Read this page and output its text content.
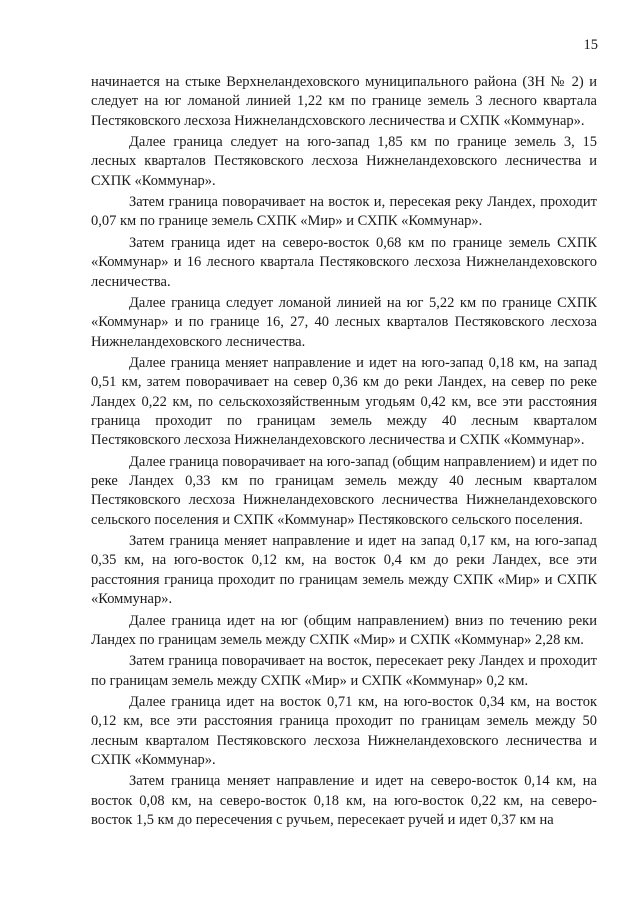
15

начинается на стыке Верхнеландеховского муниципального района (ЗН № 2) и следует на юг ломаной линией 1,22 км по границе земель 3 лесного квартала Пестяковского лесхоза Нижнеландсховского лесничества и СХПК «Коммунар».

Далее граница следует на юго-запад 1,85 км по границе земель 3, 15 лесных кварталов Пестяковского лесхоза Нижнеландеховского лесничества и СХПК «Коммунар».

Затем граница поворачивает на восток и, пересекая реку Ландех, проходит 0,07 км по границе земель СХПК «Мир» и СХПК «Коммунар».

Затем граница идет на северо-восток 0,68 км по границе земель СХПК «Коммунар» и 16 лесного квартала Пестяковского лесхоза Нижнеландеховского лесничества.

Далее граница следует ломаной линией на юг 5,22 км по границе СХПК «Коммунар» и по границе 16, 27, 40 лесных кварталов Пестяковского лесхоза Нижнеландеховского лесничества.

Далее граница меняет направление и идет на юго-запад 0,18 км, на запад 0,51 км, затем поворачивает на север 0,36 км до реки Ландех, на север по реке Ландех 0,22 км, по сельскохозяйственным угодьям 0,42 км, все эти расстояния граница проходит по границам земель между 40 лесным кварталом Пестяковского лесхоза Нижнеландеховского лесничества и СХПК «Коммунар».

Далее граница поворачивает на юго-запад (общим направлением) и идет по реке Ландех 0,33 км по границам земель между 40 лесным кварталом Пестяковского лесхоза Нижнеландеховского лесничества Нижнеландеховского сельского поселения и СХПК «Коммунар» Пестяковского сельского поселения.

Затем граница меняет направление и идет на запад 0,17 км, на юго-запад 0,35 км, на юго-восток 0,12 км, на восток 0,4 км до реки Ландех, все эти расстояния граница проходит по границам земель между СХПК «Мир» и СХПК «Коммунар».

Далее граница идет на юг (общим направлением) вниз по течению реки Ландех по границам земель между СХПК «Мир» и СХПК «Коммунар» 2,28 км.

Затем граница поворачивает на восток, пересекает реку Ландех и проходит по границам земель между СХПК «Мир» и СХПК «Коммунар» 0,2 км.

Далее граница идет на восток 0,71 км, на юго-восток 0,34 км, на восток 0,12 км, все эти расстояния граница проходит по границам земель между 50 лесным кварталом Пестяковского лесхоза Нижнеландеховского лесничества и СХПК «Коммунар».

Затем граница меняет направление и идет на северо-восток 0,14 км, на восток 0,08 км, на северо-восток 0,18 км, на юго-восток 0,22 км, на северо-восток 1,5 км до пересечения с ручьем, пересекает ручей и идет 0,37 км на
